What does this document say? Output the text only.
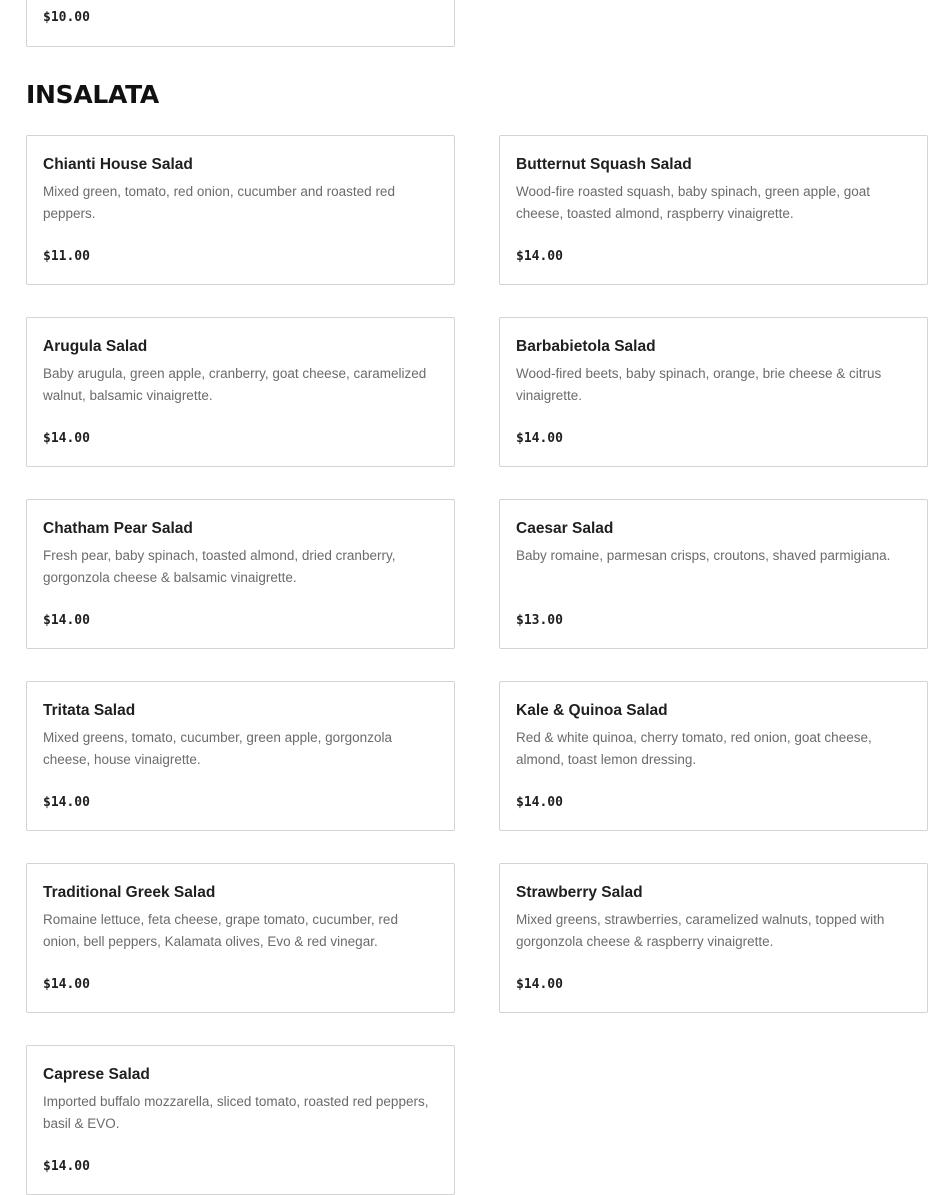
$10.00
INSALATA
Chianti House Salad
Mixed green, tomato, red onion, cucumber and roasted red peppers.
$11.00
Butternut Squash Salad
Wood-fire roasted squash, baby spinach, green apple, goat cheese, toasted almond, raspberry vinaigrette.
$14.00
Arugula Salad
Baby arugula, green apple, cranberry, goat cheese, caramelized walnut, balsamic vinaigrette.
$14.00
Barbabietola Salad
Wood-fired beets, baby spinach, orange, brie cheese & citrus vinaigrette.
$14.00
Chatham Pear Salad
Fresh pear, baby spinach, toasted almond, dried cranberry, gorgonzola cheese & balsamic vinaigrette.
$14.00
Caesar Salad
Baby romaine, parmesan crisps, croutons, shaved parmigiana.
$13.00
Tritata Salad
Mixed greens, tomato, cucumber, green apple, gorgonzola cheese, house vinaigrette.
$14.00
Kale & Quinoa Salad
Red & white quinoa, cherry tomato, red onion, goat cheese, almond, toast lemon dressing.
$14.00
Traditional Greek Salad
Romaine lettuce, feta cheese, grape tomato, cucumber, red onion, bell peppers, Kalamata olives, Evo & red vinegar.
$14.00
Strawberry Salad
Mixed greens, strawberries, caramelized walnuts, topped with gorgonzola cheese & raspberry vinaigrette.
$14.00
Caprese Salad
Imported buffalo mozzarella, sliced tomato, roasted red peppers, basil & EVO.
$14.00
